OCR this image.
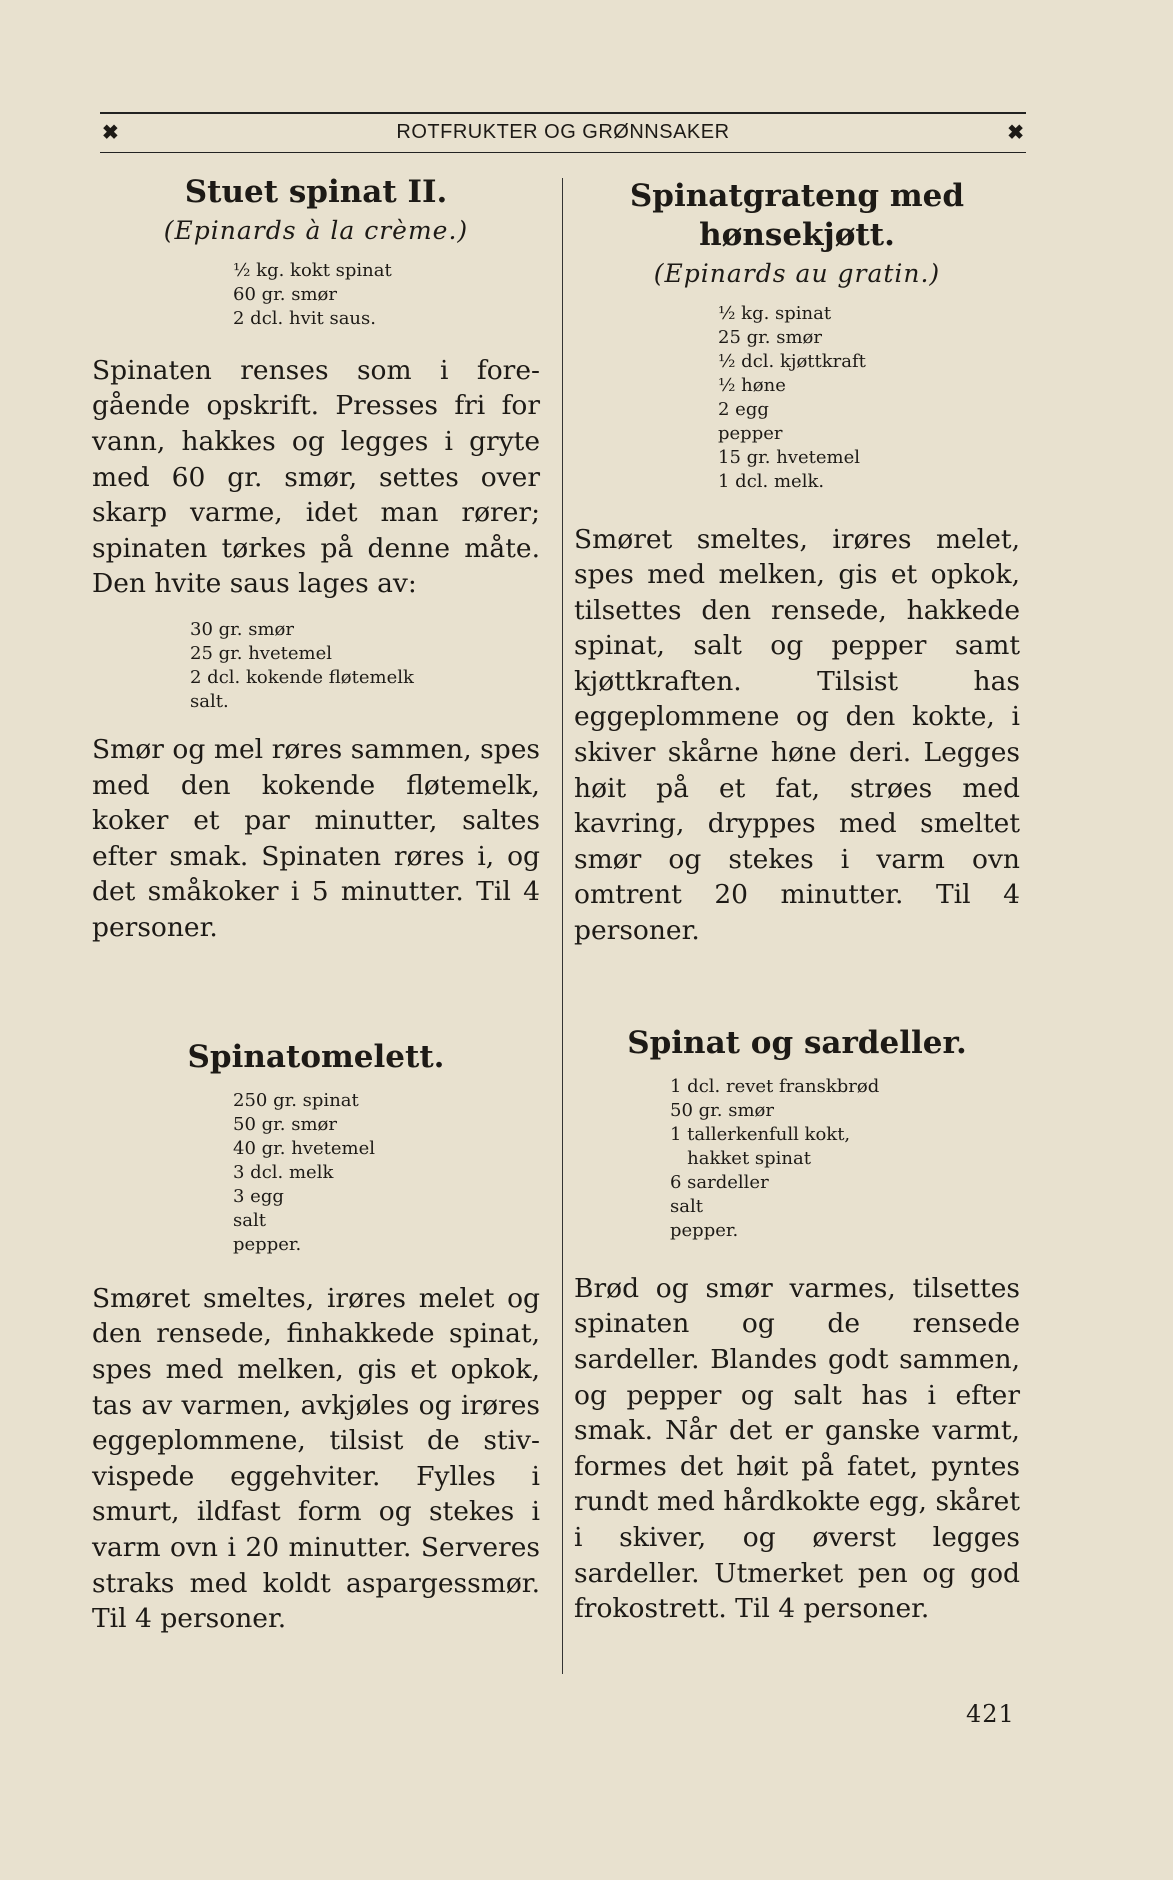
✖	ROTFRUKTER OG GRØNNSAKER	✖
Stuet spinat II.

(Epinards à la crème.)

½ kg. kokt spinat
60 gr. smør
2 dcl. hvit saus.

Spinaten renses som i foregående opskrift. Presses fri for vann, hakkes og legges i gryte med 60 gr. smør, settes over skarp varme, idet man rører; spinaten tørkes på denne måte. Den hvite saus lages av:

30 gr. smør
25 gr. hvetemel
2 dcl. kokende fløtemelk
salt.

Smør og mel røres sammen, spes med den kokende fløtemelk, koker et par minutter, saltes efter smak. Spinaten røres i, og det småkoker i 5 minutter. Til 4 personer.

Spinatomelett.
250 gr. spinat
50 gr. smør
40 gr. hvetemel
3 dcl. melk
3 egg
salt
pepper.

Smøret smeltes, irøres melet og den rensede, finhakkede spinat, spes med melken, gis et opkok, tas av varmen, avkjøles og irøres eggeplommene, tilsist de stivvispede eggehviter. Fylles i smurt, ildfast form og stekes i varm ovn i 20 minutter. Serveres straks med koldt aspargessmør. Til 4 personer.

Spinatgrateng med
hønsekjøtt.

(Epinards au gratin.)

½ kg. spinat
25 gr. smør
½ dcl. kjøttkraft
½ høne
2 egg
pepper
15 gr. hvetemel
1 dcl. melk.

Smøret smeltes, irøres melet, spes med melken, gis et opkok, tilsettes den rensede, hakkede spinat, salt og pepper samt kjøttkraften. Tilsist has eggeplommene og den kokte, i skiver skårne høne deri. Legges høit på et fat, strøes med kavring, dryppes med smeltet smør og stekes i varm ovn omtrent 20 minutter. Til 4 personer.

Spinat og sardeller.
1 dcl. revet franskbrød
50 gr. smør
1 tallerkenfull kokt,
hakket spinat
6 sardeller
salt
pepper.

Brød og smør varmes, tilsettes spinaten og de rensede sardeller. Blandes godt sammen, og pepper og salt has i efter smak. Når det er ganske varmt, formes det høit på fatet, pyntes rundt med hårdkokte egg, skåret i skiver, og øverst legges sardeller. Utmerket pen og god frokostrett. Til 4 personer.

421
